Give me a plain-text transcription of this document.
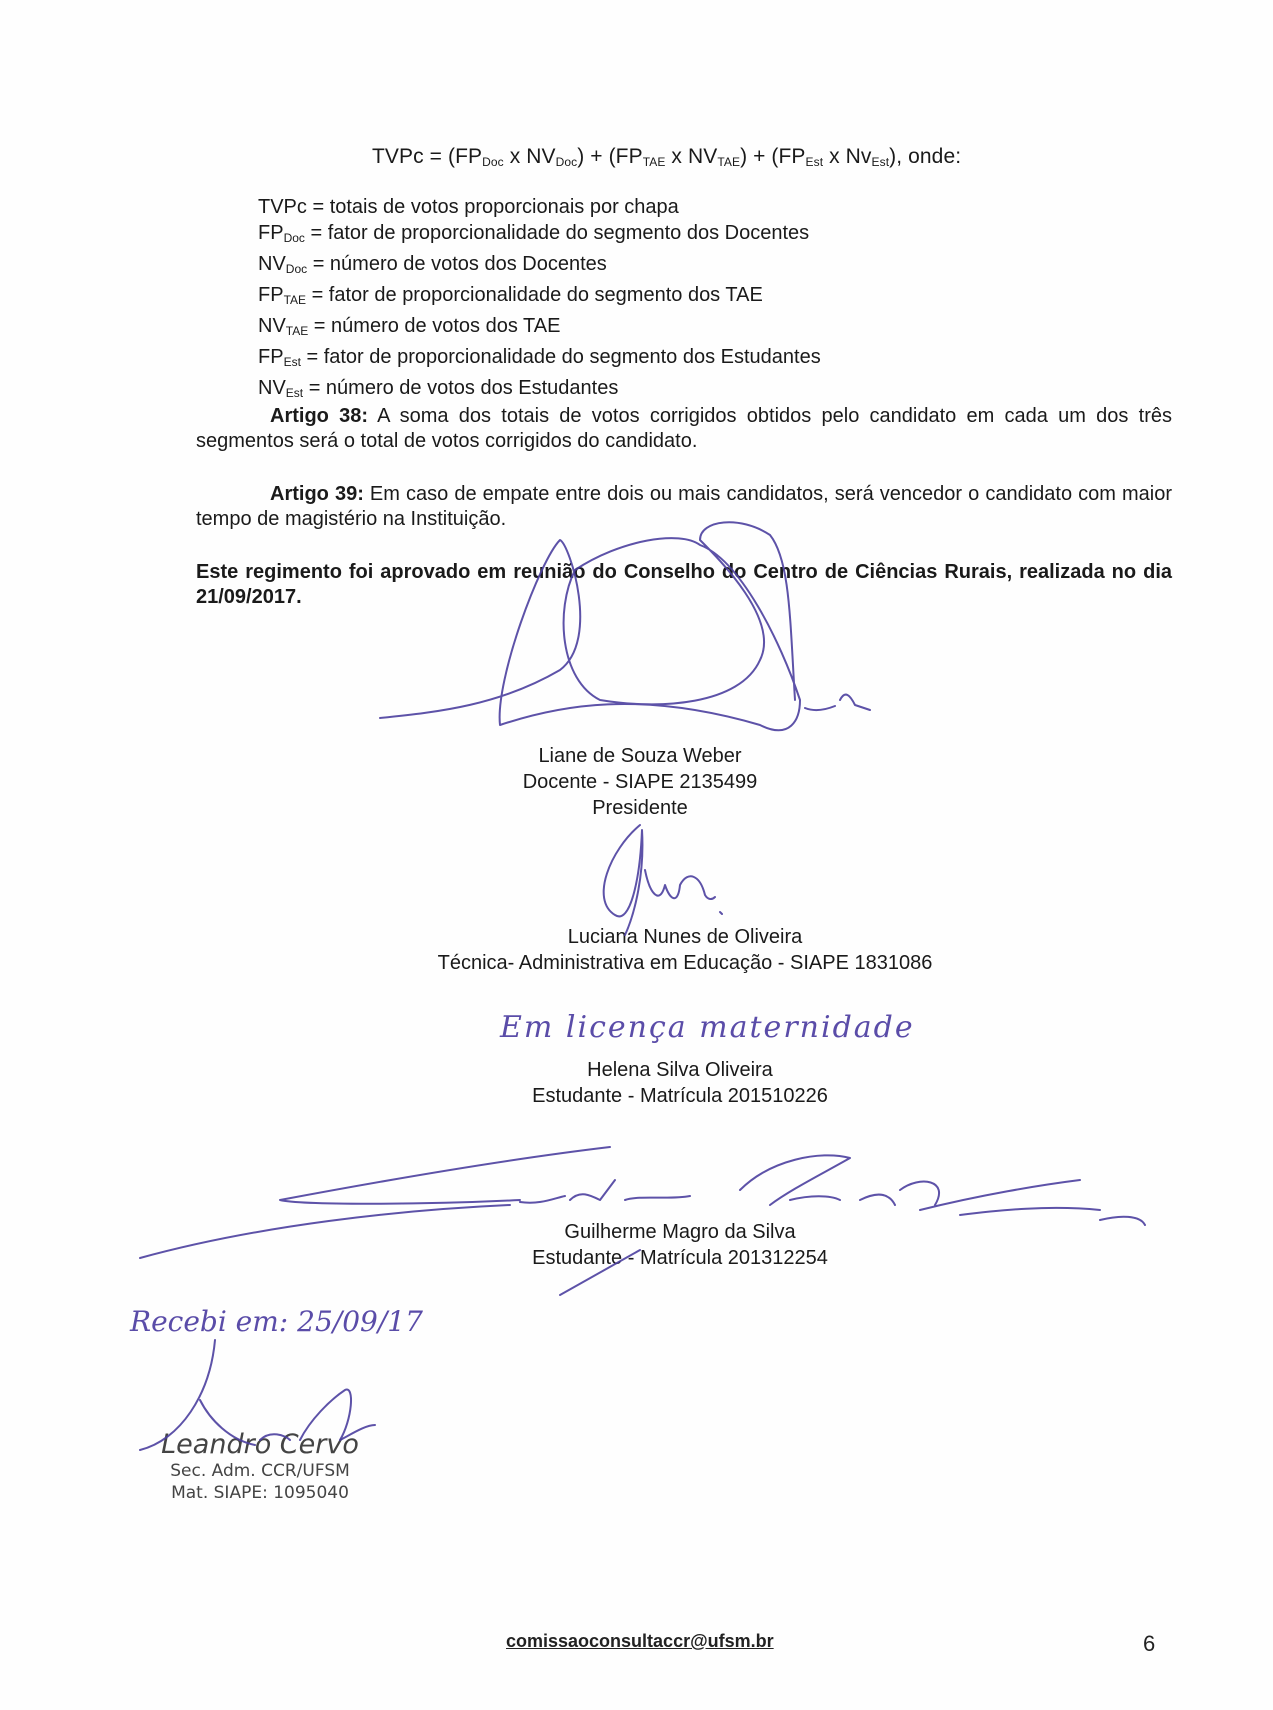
TVPc = ($FP_{Doc}$ x $NV_{Doc}) + (FP_{TAE}$ x $NV_{TAE}) + (FP_{Est}$ x $Nv_{Est}$), onde:
TVPc = totais de votos proporcionais por chapa
$FP_{Doc}$ = fator de proporcionalidade do segmento dos Docentes
$NV_{Doc}$ = número de votos dos Docentes
$FP_{TAE}$ = fator de proporcionalidade do segmento dos TAE
$NV_{TAE}$ = número de votos dos TAE
$FP_{Est}$ = fator de proporcionalidade do segmento dos Estudantes
$NV_{Est}$ = número de votos dos Estudantes
Artigo 38: A soma dos totais de votos corrigidos obtidos pelo candidato em cada um dos três segmentos será o total de votos corrigidos do candidato.
Artigo 39: Em caso de empate entre dois ou mais candidatos, será vencedor o candidato com maior tempo de magistério na Instituição.
Este regimento foi aprovado em reunião do Conselho do Centro de Ciências Rurais, realizada no dia 21/09/2017.
Liane de Souza Weber
Docente - SIAPE 2135499
Presidente
Luciana Nunes de Oliveira
Técnica- Administrativa em Educação - SIAPE 1831086
Em licença maternidade
Helena Silva Oliveira
Estudante - Matrícula 201510226
Guilherme Magro da Silva
Estudante - Matrícula 201312254
Recebi em: 25/09/17
Leandro Cervo
Sec. Adm. CCR/UFSM
Mat. SIAPE: 1095040
comissaoconsultaccr@ufsm.br	6
